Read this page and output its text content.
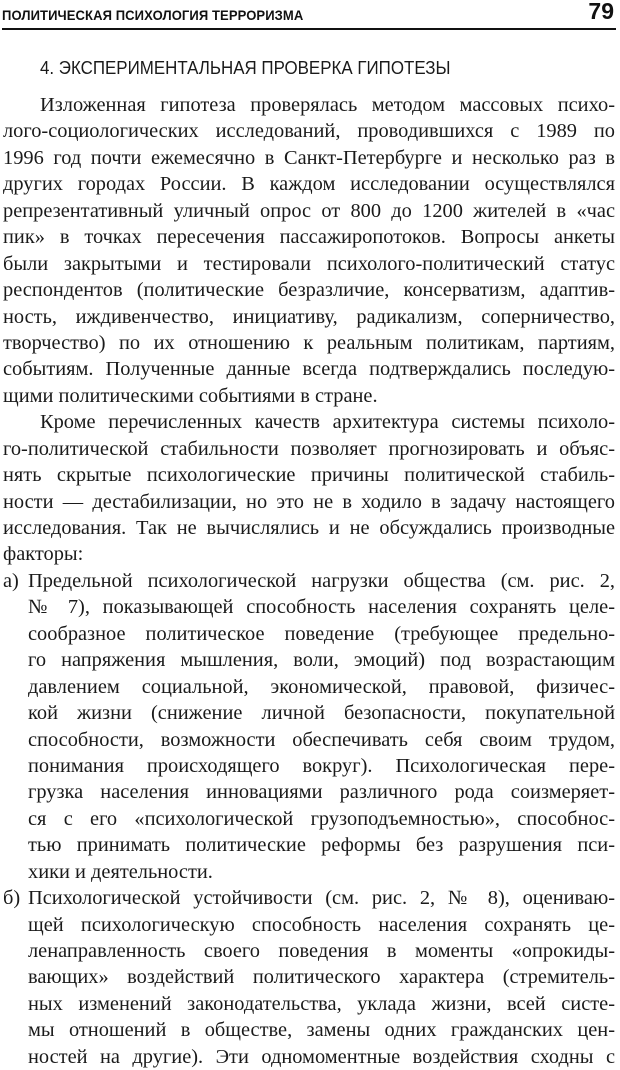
ПОЛИТИЧЕСКАЯ ПСИХОЛОГИЯ ТЕРРОРИЗМА	79
4. ЭКСПЕРИМЕНТАЛЬНАЯ ПРОВЕРКА ГИПОТЕЗЫ
Изложенная гипотеза проверялась методом массовых психо-
лого-социологических исследований, проводившихся с 1989 по
1996 год почти ежемесячно в Санкт-Петербурге и несколько раз в
других городах России. В каждом исследовании осуществлялся
репрезентативный уличный опрос от 800 до 1200 жителей в «час
пик» в точках пересечения пассажиропотоков. Вопросы анкеты
были закрытыми и тестировали психолого-политический статус
респондентов (политические безразличие, консерватизм, адаптив-
ность, иждивенчество, инициативу, радикализм, соперничество,
творчество) по их отношению к реальным политикам, партиям,
событиям. Полученные данные всегда подтверждались последую-
щими политическими событиями в стране.
Кроме перечисленных качеств архитектура системы психоло-
го-политической стабильности позволяет прогнозировать и объяс-
нять скрытые психологические причины политической стабиль-
ности — дестабилизации, но это не в ходило в задачу настоящего
исследования. Так не вычислялись и не обсуждались производные
факторы:
а) Предельной психологической нагрузки общества (см. рис. 2,
№ 7), показывающей способность населения сохранять целе-
сообразное политическое поведение (требующее предельно-
го напряжения мышления, воли, эмоций) под возрастающим
давлением социальной, экономической, правовой, физичес-
кой жизни (снижение личной безопасности, покупательной
способности, возможности обеспечивать себя своим трудом,
понимания происходящего вокруг). Психологическая пере-
грузка населения инновациями различного рода соизмеряет-
ся с его «психологической грузоподъемностью», способнос-
тью принимать политические реформы без разрушения пси-
хики и деятельности.
б) Психологической устойчивости (см. рис. 2, № 8), оцениваю-
щей психологическую способность населения сохранять це-
ленаправленность своего поведения в моменты «опрокиды-
вающих» воздействий политического характера (стремитель-
ных изменений законодательства, уклада жизни, всей систе-
мы отношений в обществе, замены одних гражданских цен-
ностей на другие). Эти одномоментные воздействия сходны с
